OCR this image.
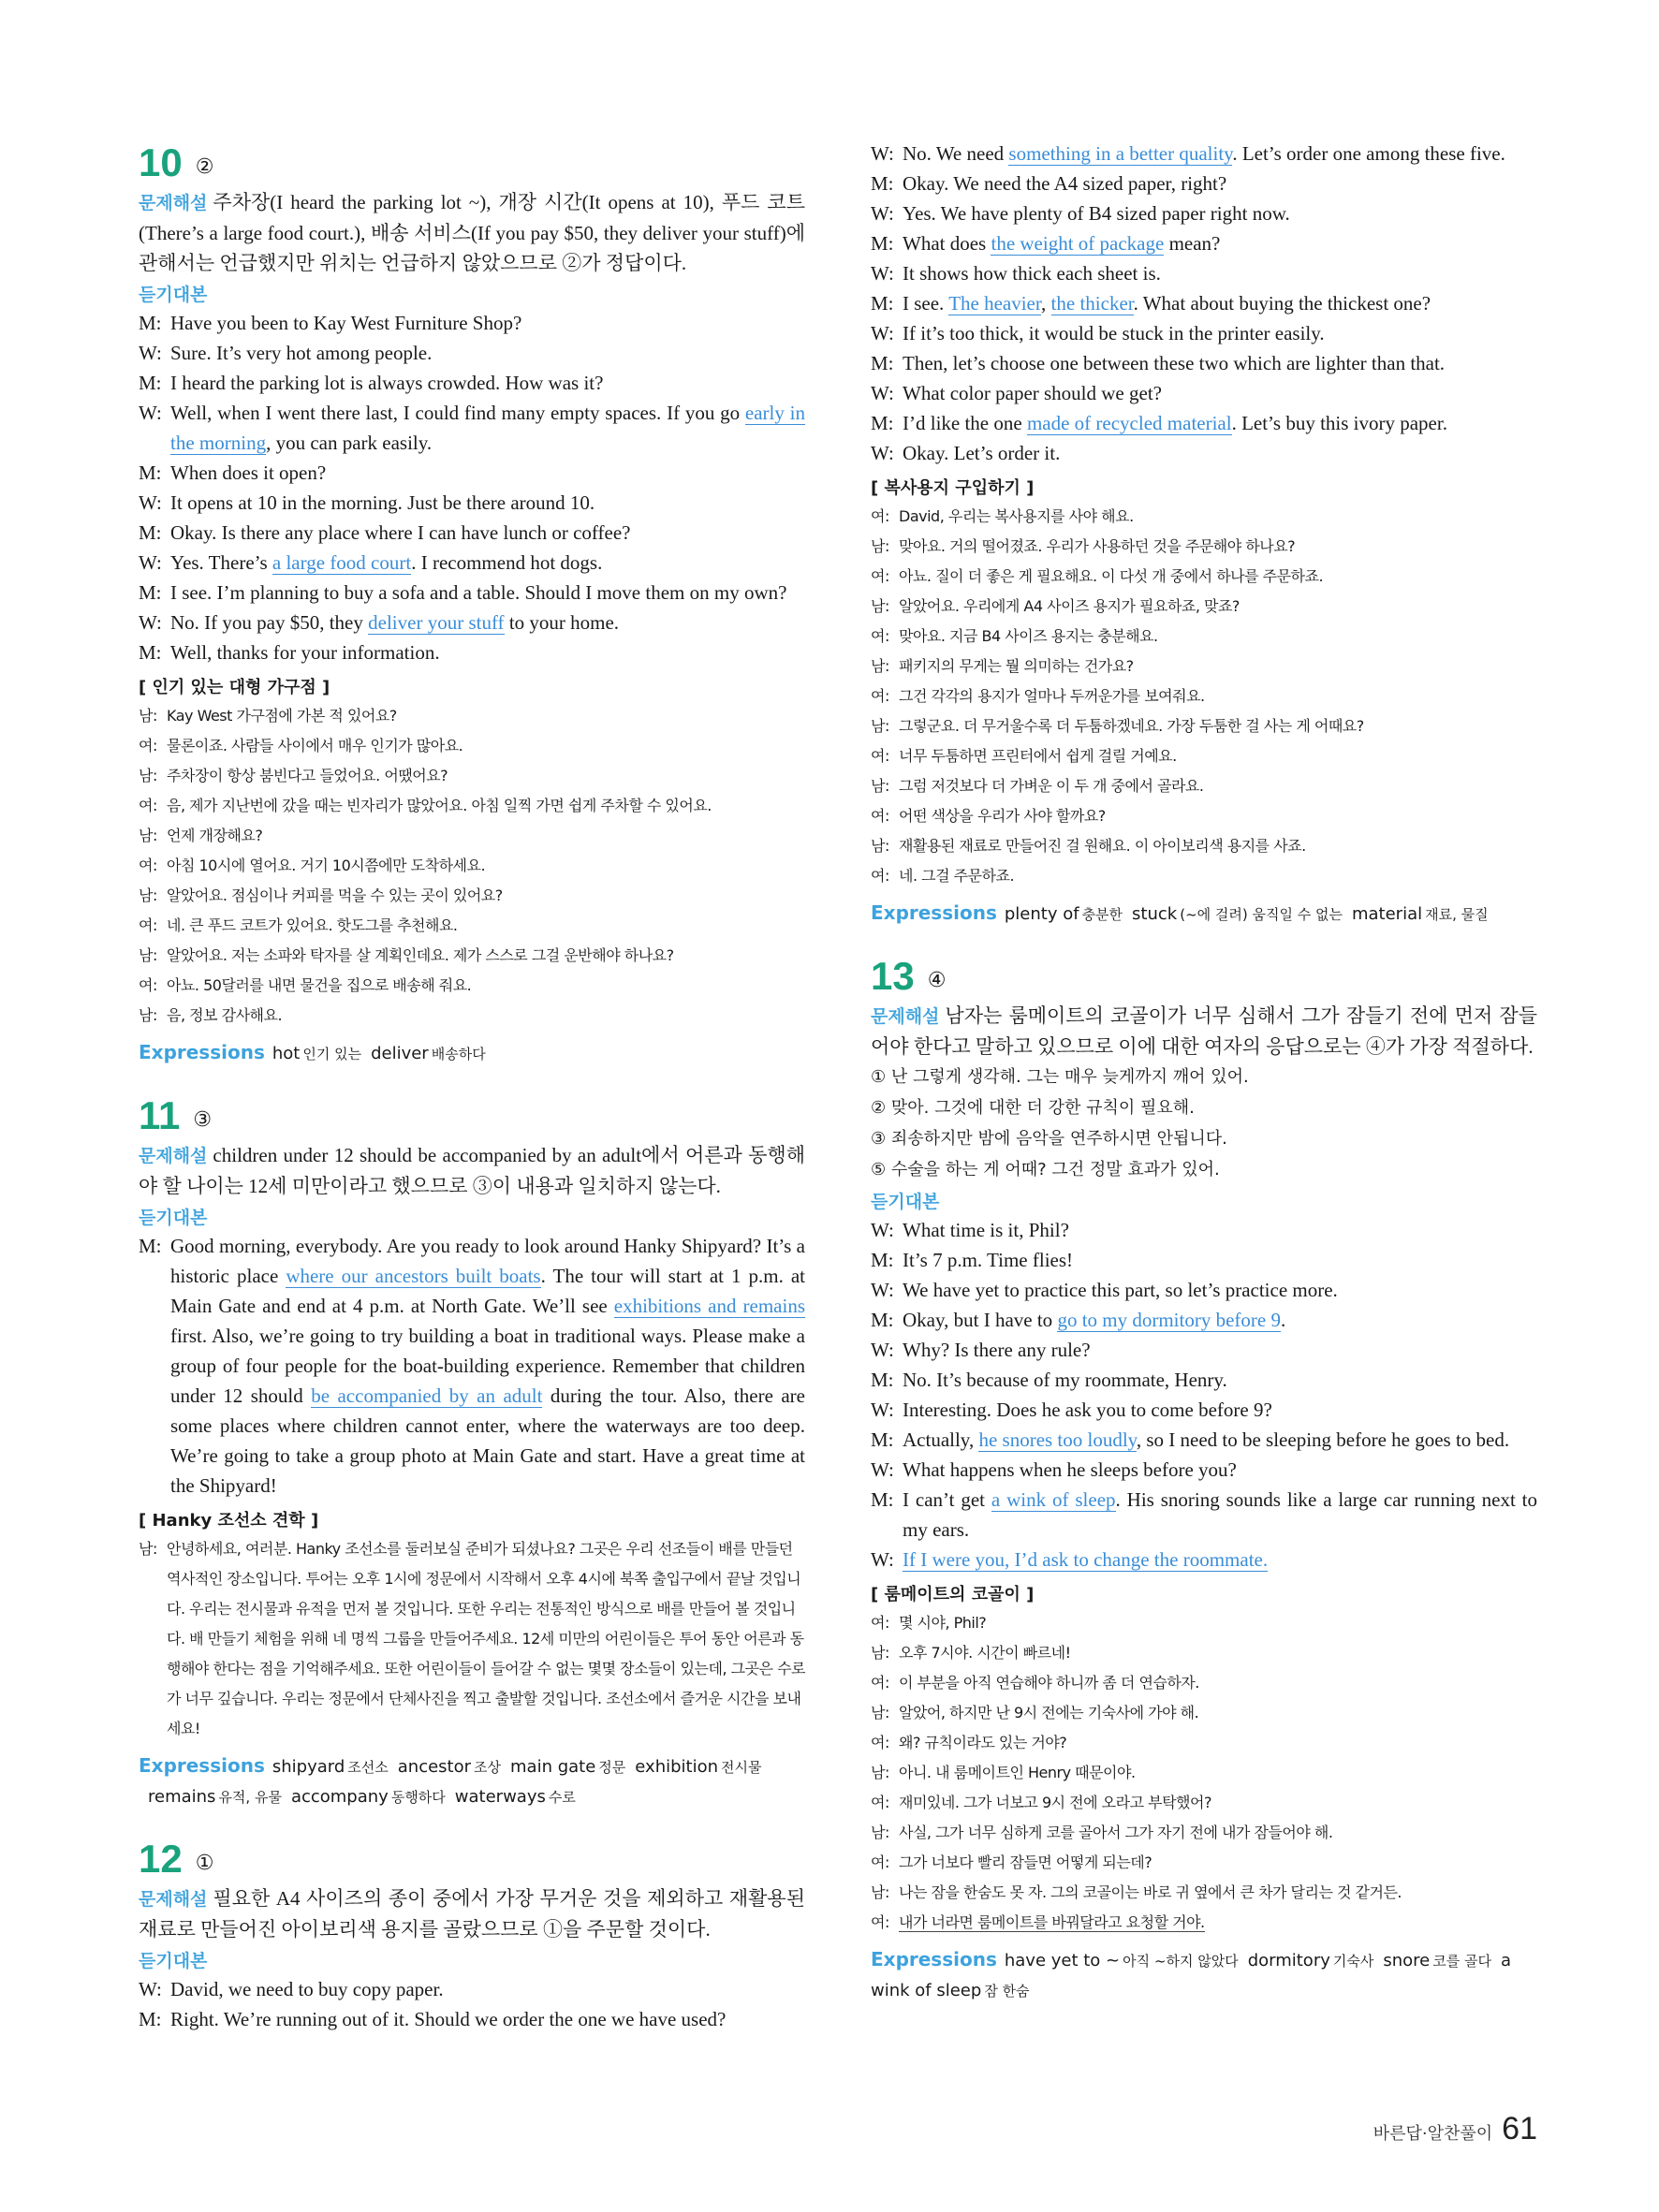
10 ②
문제해설 주차장(I heard the parking lot ~), 개장 시간(It opens at 10), 푸드 코트(There’s a large food court.), 배송 서비스(If you pay $50, they deliver your stuff)에 관해서는 언급했지만 위치는 언급하지 않았으므로 ②가 정답이다.
듣기대본
M: Have you been to Kay West Furniture Shop?
W: Sure. It’s very hot among people.
M: I heard the parking lot is always crowded. How was it?
W: Well, when I went there last, I could find many empty spaces. If you go early in the morning, you can park easily.
M: When does it open?
W: It opens at 10 in the morning. Just be there around 10.
M: Okay. Is there any place where I can have lunch or coffee?
W: Yes. There’s a large food court. I recommend hot dogs.
M: I see. I’m planning to buy a sofa and a table. Should I move them on my own?
W: No. If you pay $50, they deliver your stuff to your home.
M: Well, thanks for your information.
[ 인기 있는 대형 가구점 ]
남: Kay West 가구점에 가본 적 있어요?
여: 물론이죠. 사람들 사이에서 매우 인기가 많아요.
남: 주차장이 항상 붐빈다고 들었어요. 어땠어요?
여: 음, 제가 지난번에 갔을 때는 빈자리가 많았어요. 아침 일찍 가면 쉽게 주차할 수 있어요.
남: 언제 개장해요?
여: 아침 10시에 열어요. 거기 10시쯤에만 도착하세요.
남: 알았어요. 점심이나 커피를 먹을 수 있는 곳이 있어요?
여: 네. 큰 푸드 코트가 있어요. 핫도그를 추천해요.
남: 알았어요. 저는 소파와 탁자를 살 계획인데요. 제가 스스로 그걸 운반해야 하나요?
여: 아뇨. 50달러를 내면 물건을 집으로 배송해 줘요.
남: 음, 정보 감사해요.
Expressions hot 인기 있는 deliver 배송하다
11 ③
문제해설 children under 12 should be accompanied by an adult에서 어른과 동행해야 할 나이는 12세 미만이라고 했으므로 ③이 내용과 일치하지 않는다.
듣기대본
M: Good morning, everybody. Are you ready to look around Hanky Shipyard? It’s a historic place where our ancestors built boats. The tour will start at 1 p.m. at Main Gate and end at 4 p.m. at North Gate. We’ll see exhibitions and remains first. Also, we’re going to try building a boat in traditional ways. Please make a group of four people for the boat-building experience. Remember that children under 12 should be accompanied by an adult during the tour. Also, there are some places where children cannot enter, where the waterways are too deep. We’re going to take a group photo at Main Gate and start. Have a great time at the Shipyard!
[ Hanky 조선소 견학 ]
남: 안녕하세요, 여러분. Hanky 조선소를 둘러보실 준비가 되셨나요? 그곳은 우리 선조들이 배를 만들던 역사적인 장소입니다. 투어는 오후 1시에 정문에서 시작해서 오후 4시에 북쪽 출입구에서 끝날 것입니다. 우리는 전시물과 유적을 먼저 볼 것입니다. 또한 우리는 전통적인 방식으로 배를 만들어 볼 것입니다. 배 만들기 체험을 위해 네 명씩 그룹을 만들어주세요. 12세 미만의 어린이들은 투어 동안 어른과 동행해야 한다는 점을 기억해주세요. 또한 어린이들이 들어갈 수 없는 몇몇 장소들이 있는데, 그곳은 수로가 너무 깊습니다. 우리는 정문에서 단체사진을 찍고 출발할 것입니다. 조선소에서 즐거운 시간을 보내세요!
Expressions shipyard 조선소 ancestor 조상 main gate 정문 exhibition 전시물remains 유적, 유물 accompany 동행하다 waterways 수로
12 ①
문제해설 필요한 A4 사이즈의 종이 중에서 가장 무거운 것을 제외하고 재활용된 재료로 만들어진 아이보리색 용지를 골랐으므로 ①을 주문할 것이다.
듣기대본
W: David, we need to buy copy paper.
M: Right. We’re running out of it. Should we order the one we have used?
W: No. We need something in a better quality. Let’s order one among these five.
M: Okay. We need the A4 sized paper, right?
W: Yes. We have plenty of B4 sized paper right now.
M: What does the weight of package mean?
W: It shows how thick each sheet is.
M: I see. The heavier, the thicker. What about buying the thickest one?
W: If it’s too thick, it would be stuck in the printer easily.
M: Then, let’s choose one between these two which are lighter than that.
W: What color paper should we get?
M: I’d like the one made of recycled material. Let’s buy this ivory paper.
W: Okay. Let’s order it.
[ 복사용지 구입하기 ]
여: David, 우리는 복사용지를 사야 해요.
남: 맞아요. 거의 떨어졌죠. 우리가 사용하던 것을 주문해야 하나요?
여: 아뇨. 질이 더 좋은 게 필요해요. 이 다섯 개 중에서 하나를 주문하죠.
남: 알았어요. 우리에게 A4 사이즈 용지가 필요하죠, 맞죠?
여: 맞아요. 지금 B4 사이즈 용지는 충분해요.
남: 패키지의 무게는 뭘 의미하는 건가요?
여: 그건 각각의 용지가 얼마나 두꺼운가를 보여줘요.
남: 그렇군요. 더 무거울수록 더 두툼하겠네요. 가장 두툼한 걸 사는 게 어때요?
여: 너무 두툼하면 프린터에서 쉽게 걸릴 거예요.
남: 그럼 저것보다 더 가벼운 이 두 개 중에서 골라요.
여: 어떤 색상을 우리가 사야 할까요?
남: 재활용된 재료로 만들어진 걸 원해요. 이 아이보리색 용지를 사죠.
여: 네. 그걸 주문하죠.
Expressions plenty of 충분한 stuck (~에 걸려) 움직일 수 없는 material 재료, 물질
13 ④
문제해설 남자는 룸메이트의 코골이가 너무 심해서 그가 잠들기 전에 먼저 잠들어야 한다고 말하고 있으므로 이에 대한 여자의 응답으로는 ④가 가장 적절하다.
① 난 그렇게 생각해. 그는 매우 늦게까지 깨어 있어.
② 맞아. 그것에 대한 더 강한 규칙이 필요해.
③ 죄송하지만 밤에 음악을 연주하시면 안됩니다.
⑤ 수술을 하는 게 어때? 그건 정말 효과가 있어.
듣기대본
W: What time is it, Phil?
M: It’s 7 p.m. Time flies!
W: We have yet to practice this part, so let’s practice more.
M: Okay, but I have to go to my dormitory before 9.
W: Why? Is there any rule?
M: No. It’s because of my roommate, Henry.
W: Interesting. Does he ask you to come before 9?
M: Actually, he snores too loudly, so I need to be sleeping before he goes to bed.
W: What happens when he sleeps before you?
M: I can’t get a wink of sleep. His snoring sounds like a large car running next to my ears.
W: If I were you, I’d ask to change the roommate.
[ 룸메이트의 코골이 ]
여: 몇 시야, Phil?
남: 오후 7시야. 시간이 빠르네!
여: 이 부분을 아직 연습해야 하니까 좀 더 연습하자.
남: 알았어, 하지만 난 9시 전에는 기숙사에 가야 해.
여: 왜? 규칙이라도 있는 거야?
남: 아니. 내 룸메이트인 Henry 때문이야.
여: 재미있네. 그가 너보고 9시 전에 오라고 부탁했어?
남: 사실, 그가 너무 심하게 코를 골아서 그가 자기 전에 내가 잠들어야 해.
여: 그가 너보다 빨리 잠들면 어떻게 되는데?
남: 나는 잠을 한숨도 못 자. 그의 코골이는 바로 귀 옆에서 큰 차가 달리는 것 같거든.
여: 내가 너라면 룸메이트를 바꿔달라고 요청할 거야.
Expressions have yet to ~ 아직 ~하지 않았다 dormitory 기숙사 snore 코를 골다 a wink of sleep 잠 한숨
바른답·알찬풀이 61
